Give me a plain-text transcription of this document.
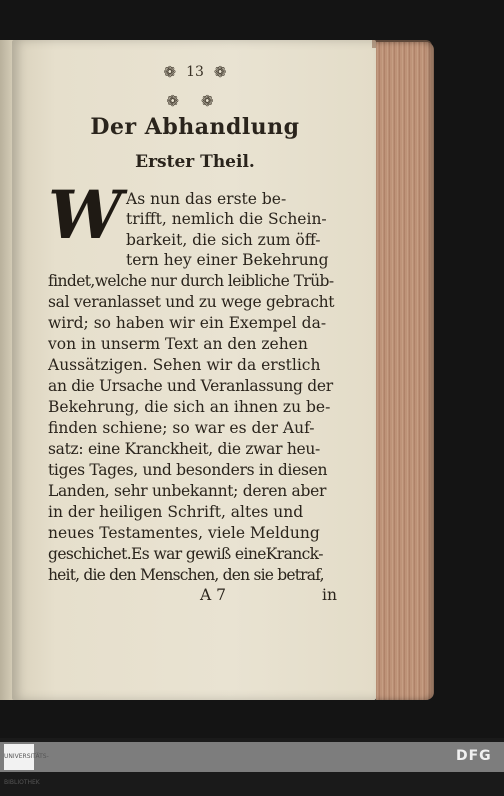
❁ 13 ❁
❁ ❁
Der Abhandlung
Erster Theil.
W As nun das erste be-
trifft, nemlich die Schein-
barkeit, die sich zum öff-
tern hey einer Bekehrung
findet,welche nur durch leibliche Trüb-
sal veranlasset und zu wege gebracht
wird; so haben wir ein Exempel da-
von in unserm Text an den zehen
Aussätzigen. Sehen wir da erstlich
an die Ursache und Veranlassung der
Bekehrung, die sich an ihnen zu be-
finden schiene; so war es der Auf-
satz: eine Kranckheit, die zwar heu-
tiges Tages, und besonders in diesen
Landen, sehr unbekannt; deren aber
in der heiligen Schrift, altes und
neues Testamentes, viele Meldung
geschichet.Es war gewiß eineKranck-
heit, die den Menschen, den sie betraf,
A 7	in
UNIVERSITÄTS-BIBLIOTHEK
DFG
